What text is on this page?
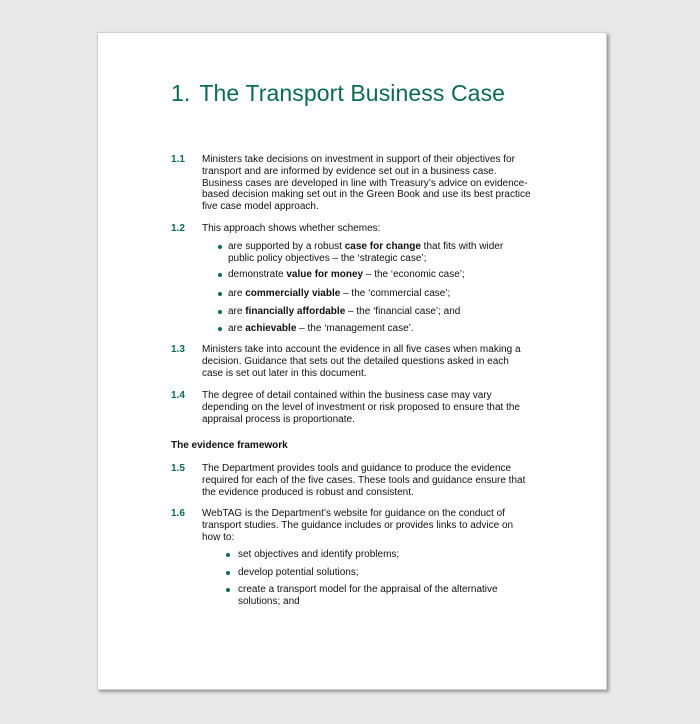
1. The Transport Business Case
1.1 Ministers take decisions on investment in support of their objectives for transport and are informed by evidence set out in a business case. Business cases are developed in line with Treasury’s advice on evidence-based decision making set out in the Green Book and use its best practice five case model approach.
1.2 This approach shows whether schemes:
are supported by a robust case for change that fits with wider public policy objectives – the ‘strategic case’;
demonstrate value for money – the ‘economic case’;
are commercially viable – the ‘commercial case’;
are financially affordable – the ‘financial case’; and
are achievable – the ‘management case’.
1.3 Ministers take into account the evidence in all five cases when making a decision. Guidance that sets out the detailed questions asked in each case is set out later in this document.
1.4 The degree of detail contained within the business case may vary depending on the level of investment or risk proposed to ensure that the appraisal process is proportionate.
The evidence framework
1.5 The Department provides tools and guidance to produce the evidence required for each of the five cases. These tools and guidance ensure that the evidence produced is robust and consistent.
1.6 WebTAG is the Department’s website for guidance on the conduct of transport studies. The guidance includes or provides links to advice on how to:
set objectives and identify problems;
develop potential solutions;
create a transport model for the appraisal of the alternative solutions; and
